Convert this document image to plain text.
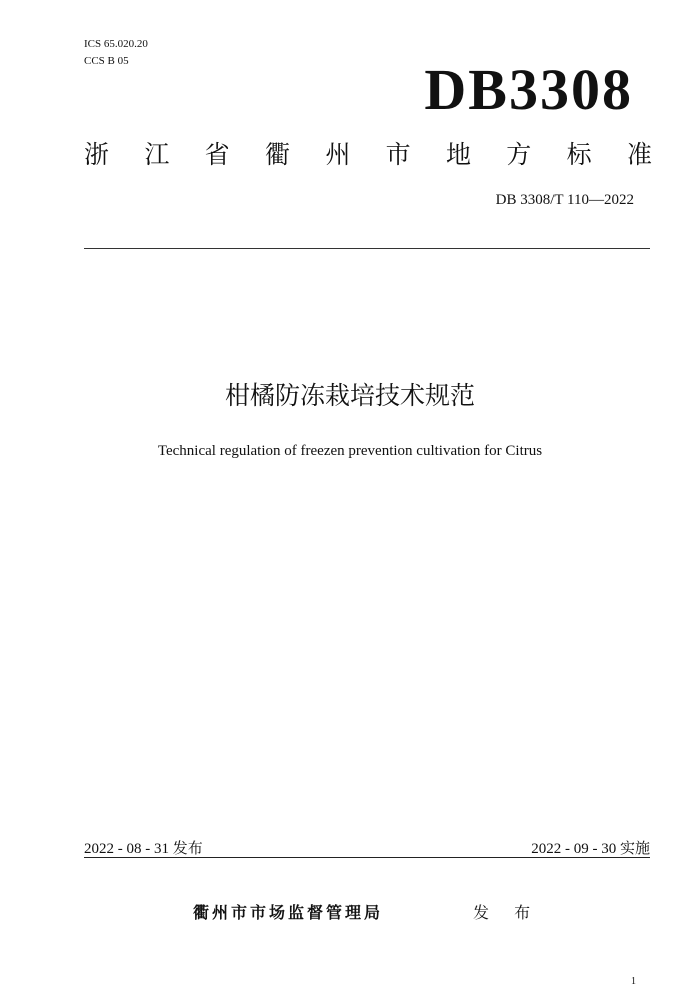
ICS 65.020.20
CCS B 05	DB3308
浙 江 省 衢 州 市 地 方 标 准
DB 3308/T 110—2022
柑橘防冻栽培技术规范
Technical regulation of freezen prevention cultivation for Citrus
2022 - 08 - 31 发布	2022 - 09 - 30 实施
衢州市市场监督管理局	发 布
1
